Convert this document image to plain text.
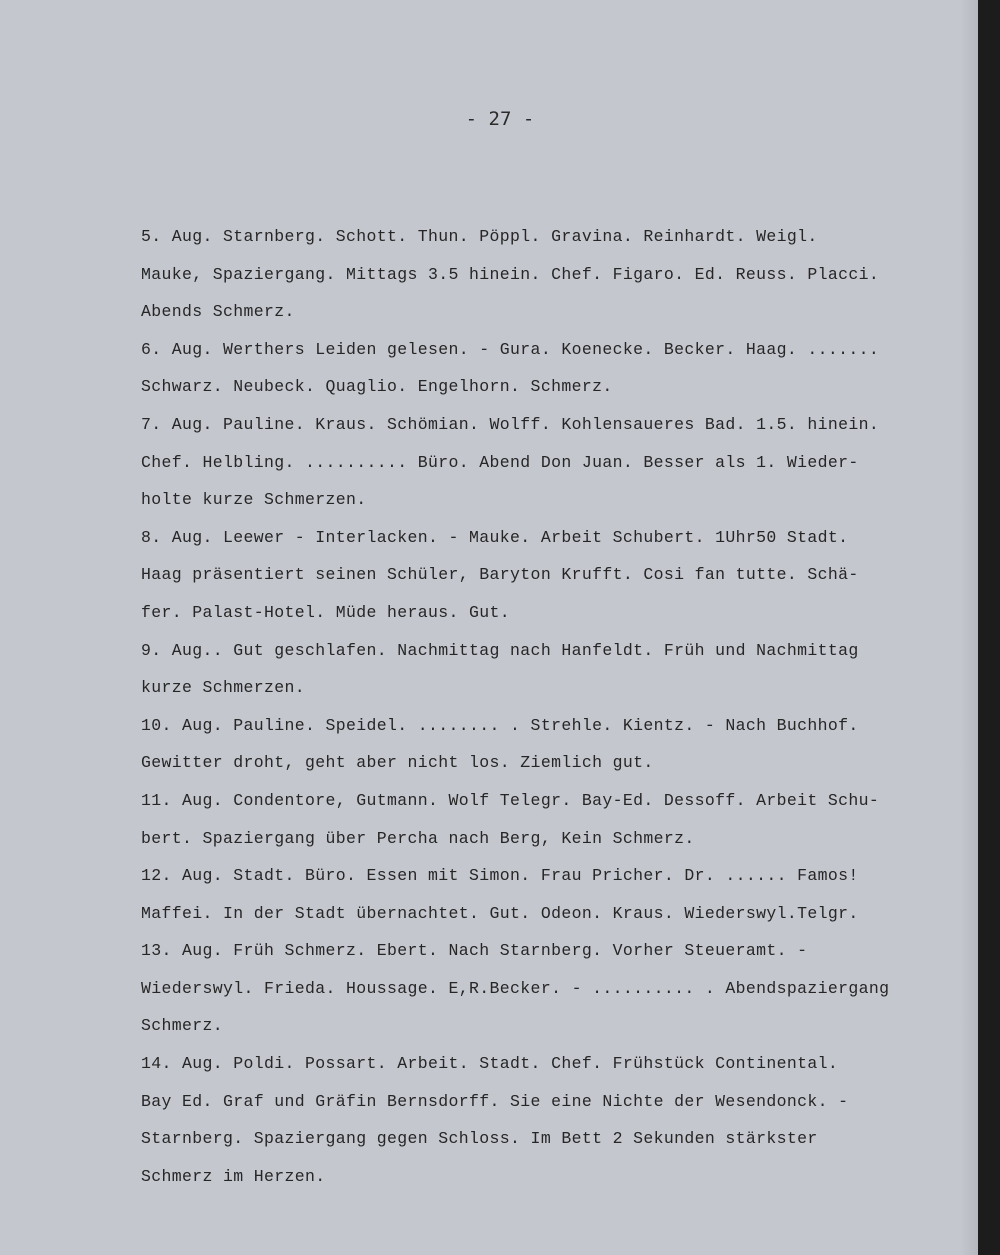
- 27 -
5. Aug. Starnberg. Schott. Thun. Pöppl. Gravina. Reinhardt. Weigl.
Mauke, Spaziergang. Mittags 3.5 hinein. Chef. Figaro. Ed. Reuss. Placci.
Abends Schmerz.
6. Aug. Werthers Leiden gelesen. - Gura. Koenecke. Becker. Haag. .......
Schwarz. Neubeck. Quaglio. Engelhorn. Schmerz.
7. Aug. Pauline. Kraus. Schömian. Wolff. Kohlensaueres Bad. 1.5. hinein.
Chef. Helbling. .......... Büro. Abend Don Juan. Besser als 1. Wieder-
holte kurze Schmerzen.
8. Aug. Leewer - Interlacken. - Mauke. Arbeit Schubert. 1Uhr50 Stadt.
Haag präsentiert seinen Schüler, Baryton Krufft. Cosi fan tutte. Schä-
fer. Palast-Hotel. Müde heraus. Gut.
9. Aug.. Gut geschlafen. Nachmittag nach Hanfeldt. Früh und Nachmittag
kurze Schmerzen.
10. Aug. Pauline. Speidel. ........ . Strehle. Kientz. - Nach Buchhof.
Gewitter droht, geht aber nicht los. Ziemlich gut.
11. Aug. Condentore, Gutmann. Wolf Telegr. Bay-Ed. Dessoff. Arbeit Schu-
bert. Spaziergang über Percha nach Berg, Kein Schmerz.
12. Aug. Stadt. Büro. Essen mit Simon. Frau Pricher. Dr. ...... Famos!
Maffei. In der Stadt übernachtet. Gut. Odeon. Kraus. Wiederswyl.Telgr.
13. Aug. Früh Schmerz. Ebert. Nach Starnberg. Vorher Steueramt. -
Wiederswyl. Frieda. Houssage. E,R.Becker. - .......... . Abendspaziergang
Schmerz.
14. Aug. Poldi. Possart. Arbeit. Stadt. Chef. Frühstück Continental.
Bay Ed. Graf und Gräfin Bernsdorff. Sie eine Nichte der Wesendonck. -
Starnberg. Spaziergang gegen Schloss. Im Bett 2 Sekunden stärkster
Schmerz im Herzen.
